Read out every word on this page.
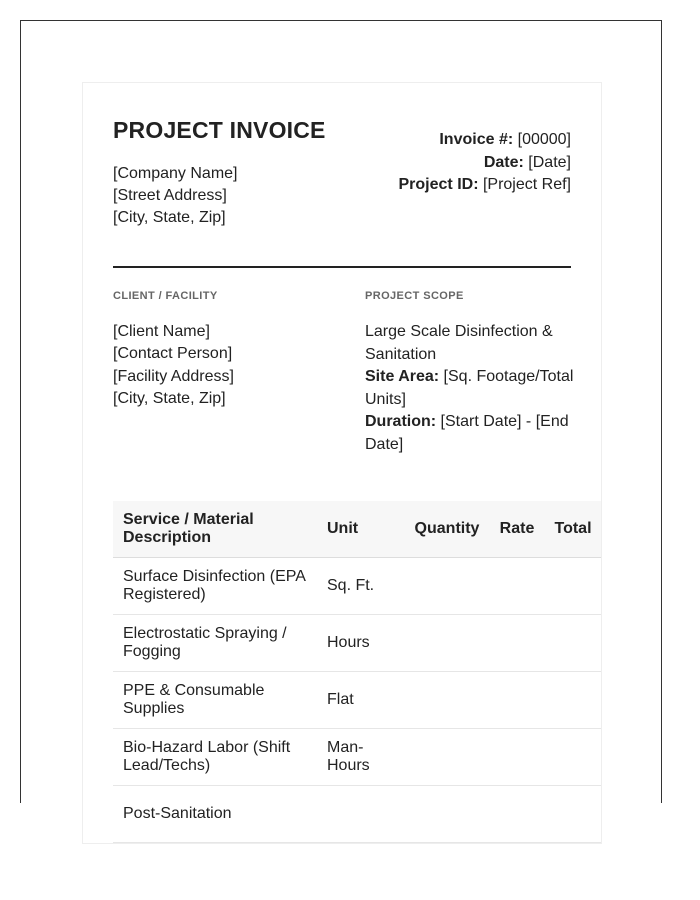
PROJECT INVOICE
[Company Name]
[Street Address]
[City, State, Zip]
Invoice #: [00000]
Date: [Date]
Project ID: [Project Ref]
CLIENT / FACILITY	PROJECT SCOPE
[Client Name]
[Contact Person]
[Facility Address]
[City, State, Zip]
Large Scale Disinfection & Sanitation
Site Area: [Sq. Footage/Total Units]
Duration: [Start Date] - [End Date]
Service / Material Description	Unit	Quantity	Rate	Total
Surface Disinfection (EPA Registered)	Sq. Ft.			
Electrostatic Spraying / Fogging	Hours			
PPE & Consumable Supplies	Flat			
Bio-Hazard Labor (Shift Lead/Techs)	Man-Hours			
Post-Sanitation				
